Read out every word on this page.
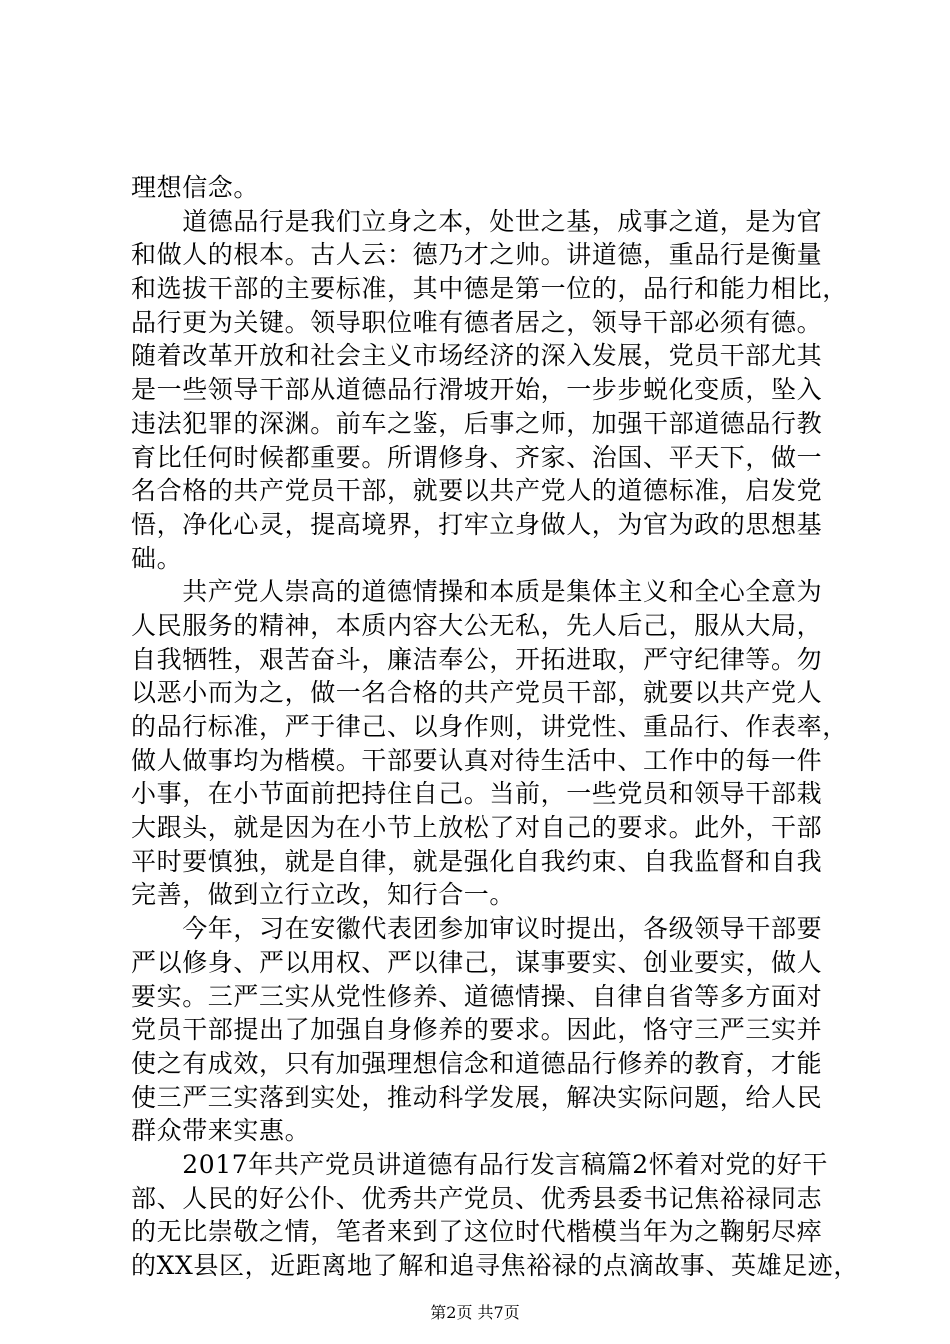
理想信念。
　　道德品行是我们立身之本，处世之基，成事之道，是为官
和做人的根本。古人云：德乃才之帅。讲道德，重品行是衡量
和选拔干部的主要标准，其中德是第一位的，品行和能力相比，
品行更为关键。领导职位唯有德者居之，领导干部必须有德。
随着改革开放和社会主义市场经济的深入发展，党员干部尤其
是一些领导干部从道德品行滑坡开始，一步步蜕化变质，坠入
违法犯罪的深渊。前车之鉴，后事之师，加强干部道德品行教
育比任何时候都重要。所谓修身、齐家、治国、平天下，做一
名合格的共产党员干部，就要以共产党人的道德标准，启发党
悟，净化心灵，提高境界，打牢立身做人，为官为政的思想基
础。
　　共产党人崇高的道德情操和本质是集体主义和全心全意为
人民服务的精神，本质内容大公无私，先人后己，服从大局，
自我牺牲，艰苦奋斗，廉洁奉公，开拓进取，严守纪律等。勿
以恶小而为之，做一名合格的共产党员干部，就要以共产党人
的品行标准，严于律己、以身作则，讲党性、重品行、作表率，
做人做事均为楷模。干部要认真对待生活中、工作中的每一件
小事，在小节面前把持住自己。当前，一些党员和领导干部栽
大跟头，就是因为在小节上放松了对自己的要求。此外，干部
平时要慎独，就是自律，就是强化自我约束、自我监督和自我
完善，做到立行立改，知行合一。
　　今年，习在安徽代表团参加审议时提出，各级领导干部要
严以修身、严以用权、严以律己，谋事要实、创业要实，做人
要实。三严三实从党性修养、道德情操、自律自省等多方面对
党员干部提出了加强自身修养的要求。因此，恪守三严三实并
使之有成效，只有加强理想信念和道德品行修养的教育，才能
使三严三实落到实处，推动科学发展，解决实际问题，给人民
群众带来实惠。
　　2017年共产党员讲道德有品行发言稿篇2怀着对党的好干
部、人民的好公仆、优秀共产党员、优秀县委书记焦裕禄同志
的无比崇敬之情，笔者来到了这位时代楷模当年为之鞠躬尽瘁
的XX县区，近距离地了解和追寻焦裕禄的点滴故事、英雄足迹，
第2页 共7页
